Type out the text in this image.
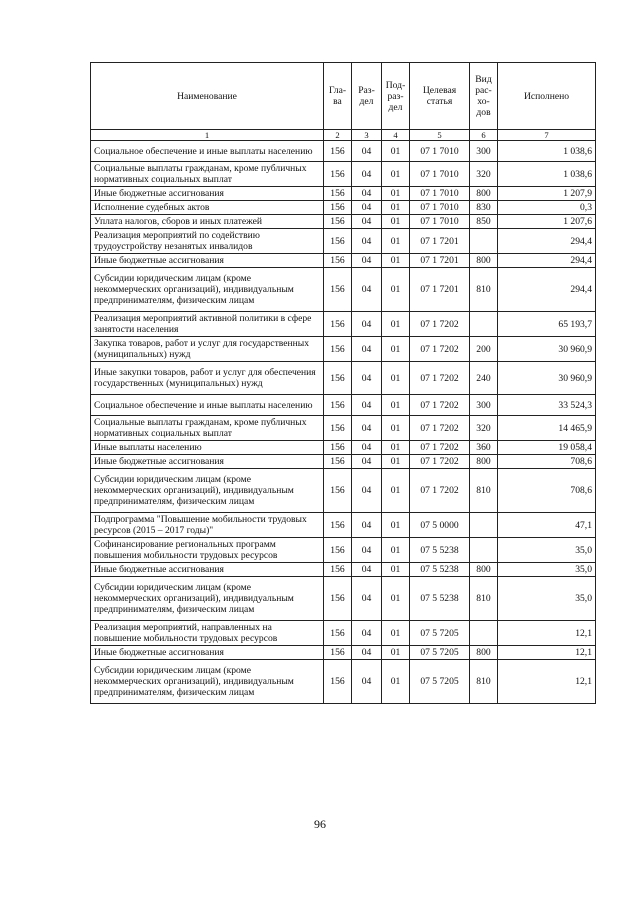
Наименование	Гла-ва	Раз-дел	Под-раз-дел	Целевая статья	Вид рас-хо-дов	Исполнено
1	2	3	4	5	6	7
Социальное обеспечение и иные выплаты населению	156	04	01	07 1 7010	300	1 038,6
Социальные выплаты гражданам, кроме публичных нормативных социальных выплат	156	04	01	07 1 7010	320	1 038,6
Иные бюджетные ассигнования	156	04	01	07 1 7010	800	1 207,9
Исполнение судебных актов	156	04	01	07 1 7010	830	0,3
Уплата налогов, сборов и иных платежей	156	04	01	07 1 7010	850	1 207,6
Реализация мероприятий по содействию трудоустройству незанятых инвалидов	156	04	01	07 1 7201		294,4
Иные бюджетные ассигнования	156	04	01	07 1 7201	800	294,4
Субсидии юридическим лицам (кроме некоммерческих организаций), индивидуальным предпринимателям, физическим лицам	156	04	01	07 1 7201	810	294,4
Реализация мероприятий активной политики в сфере занятости населения	156	04	01	07 1 7202		65 193,7
Закупка товаров, работ и услуг для государственных (муниципальных) нужд	156	04	01	07 1 7202	200	30 960,9
Иные закупки товаров, работ и услуг для обеспечения государственных (муниципальных) нужд	156	04	01	07 1 7202	240	30 960,9
Социальное обеспечение и иные выплаты населению	156	04	01	07 1 7202	300	33 524,3
Социальные выплаты гражданам, кроме публичных нормативных социальных выплат	156	04	01	07 1 7202	320	14 465,9
Иные выплаты населению	156	04	01	07 1 7202	360	19 058,4
Иные бюджетные ассигнования	156	04	01	07 1 7202	800	708,6
Субсидии юридическим лицам (кроме некоммерческих организаций), индивидуальным предпринимателям, физическим лицам	156	04	01	07 1 7202	810	708,6
Подпрограмма "Повышение мобильности трудовых ресурсов (2015 – 2017 годы)"	156	04	01	07 5 0000		47,1
Софинансирование региональных программ повышения мобильности трудовых ресурсов	156	04	01	07 5 5238		35,0
Иные бюджетные ассигнования	156	04	01	07 5 5238	800	35,0
Субсидии юридическим лицам (кроме некоммерческих организаций), индивидуальным предпринимателям, физическим лицам	156	04	01	07 5 5238	810	35,0
Реализация мероприятий, направленных на повышение мобильности трудовых ресурсов	156	04	01	07 5 7205		12,1
Иные бюджетные ассигнования	156	04	01	07 5 7205	800	12,1
Субсидии юридическим лицам (кроме некоммерческих организаций), индивидуальным предпринимателям, физическим лицам	156	04	01	07 5 7205	810	12,1
96
